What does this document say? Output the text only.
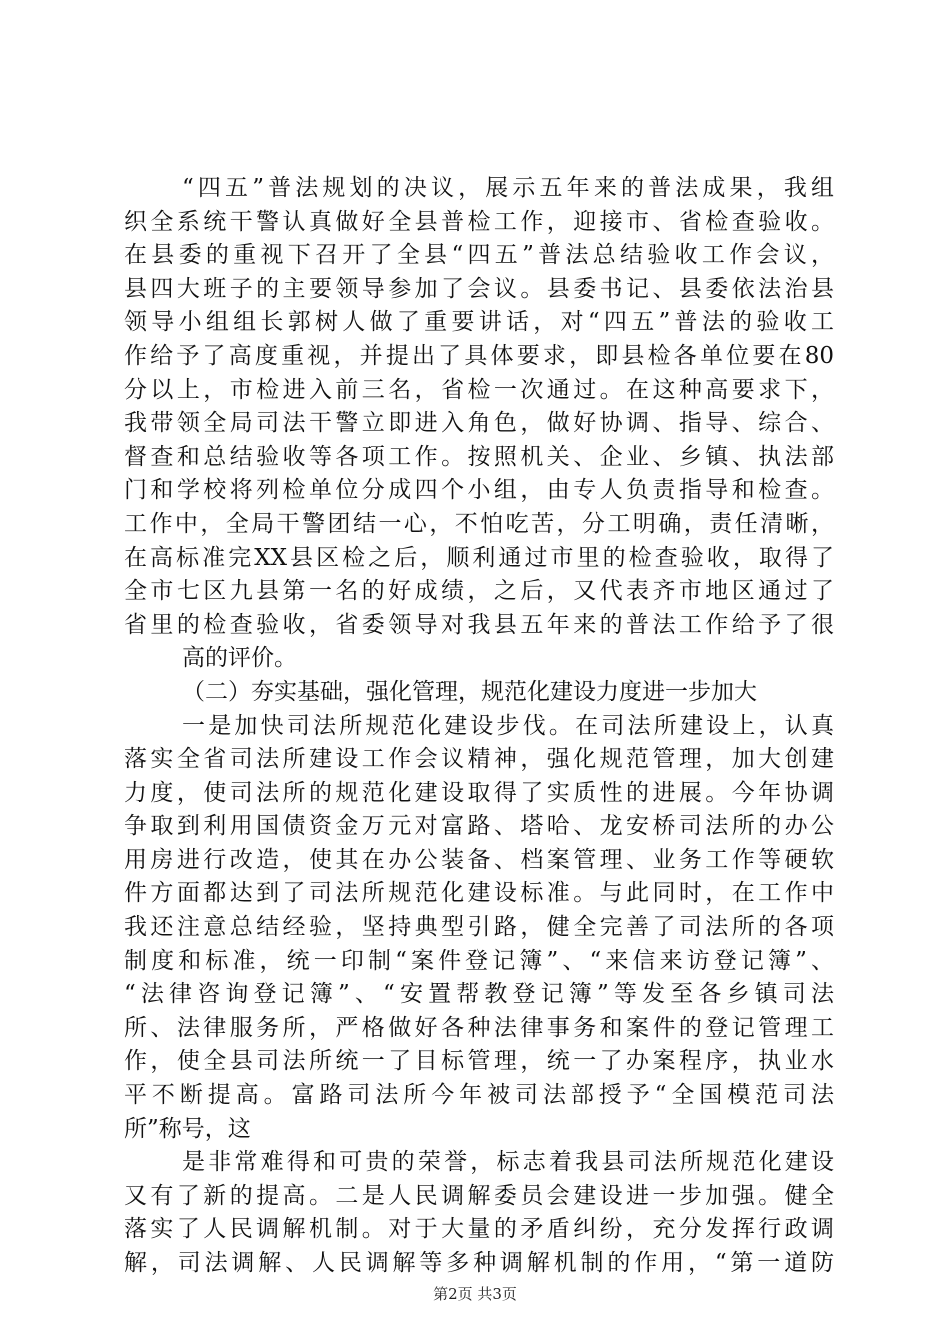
“四五”普法规划的决议，展示五年来的普法成果，我组
织全系统干警认真做好全县普检工作，迎接市、省检查验收。
在县委的重视下召开了全县“四五”普法总结验收工作会议，
县四大班子的主要领导参加了会议。县委书记、县委依法治县
领导小组组长郭树人做了重要讲话，对“四五”普法的验收工
作给予了高度重视，并提出了具体要求，即县检各单位要在80
分以上，市检进入前三名，省检一次通过。在这种高要求下，
我带领全局司法干警立即进入角色，做好协调、指导、综合、
督查和总结验收等各项工作。按照机关、企业、乡镇、执法部
门和学校将列检单位分成四个小组，由专人负责指导和检查。
工作中，全局干警团结一心，不怕吃苦，分工明确，责任清晰，
在高标准完XX县区检之后，顺利通过市里的检查验收，取得了
全市七区九县第一名的好成绩，之后，又代表齐市地区通过了
省里的检查验收，省委领导对我县五年来的普法工作给予了很
高的评价。
（二）夯实基础，强化管理，规范化建设力度进一步加大
一是加快司法所规范化建设步伐。在司法所建设上，认真
落实全省司法所建设工作会议精神，强化规范管理，加大创建
力度，使司法所的规范化建设取得了实质性的进展。今年协调
争取到利用国债资金万元对富路、塔哈、龙安桥司法所的办公
用房进行改造，使其在办公装备、档案管理、业务工作等硬软
件方面都达到了司法所规范化建设标准。与此同时，在工作中
我还注意总结经验，坚持典型引路，健全完善了司法所的各项
制度和标准，统一印制“案件登记簿”、“来信来访登记簿”、
“法律咨询登记簿”、“安置帮教登记簿”等发至各乡镇司法
所、法律服务所，严格做好各种法律事务和案件的登记管理工
作，使全县司法所统一了目标管理，统一了办案程序，执业水
平不断提高。富路司法所今年被司法部授予“全国模范司法
所”称号，这
是非常难得和可贵的荣誉，标志着我县司法所规范化建设
又有了新的提高。二是人民调解委员会建设进一步加强。健全
落实了人民调解机制。对于大量的矛盾纠纷，充分发挥行政调
解，司法调解、人民调解等多种调解机制的作用，“第一道防
第2页 共3页
